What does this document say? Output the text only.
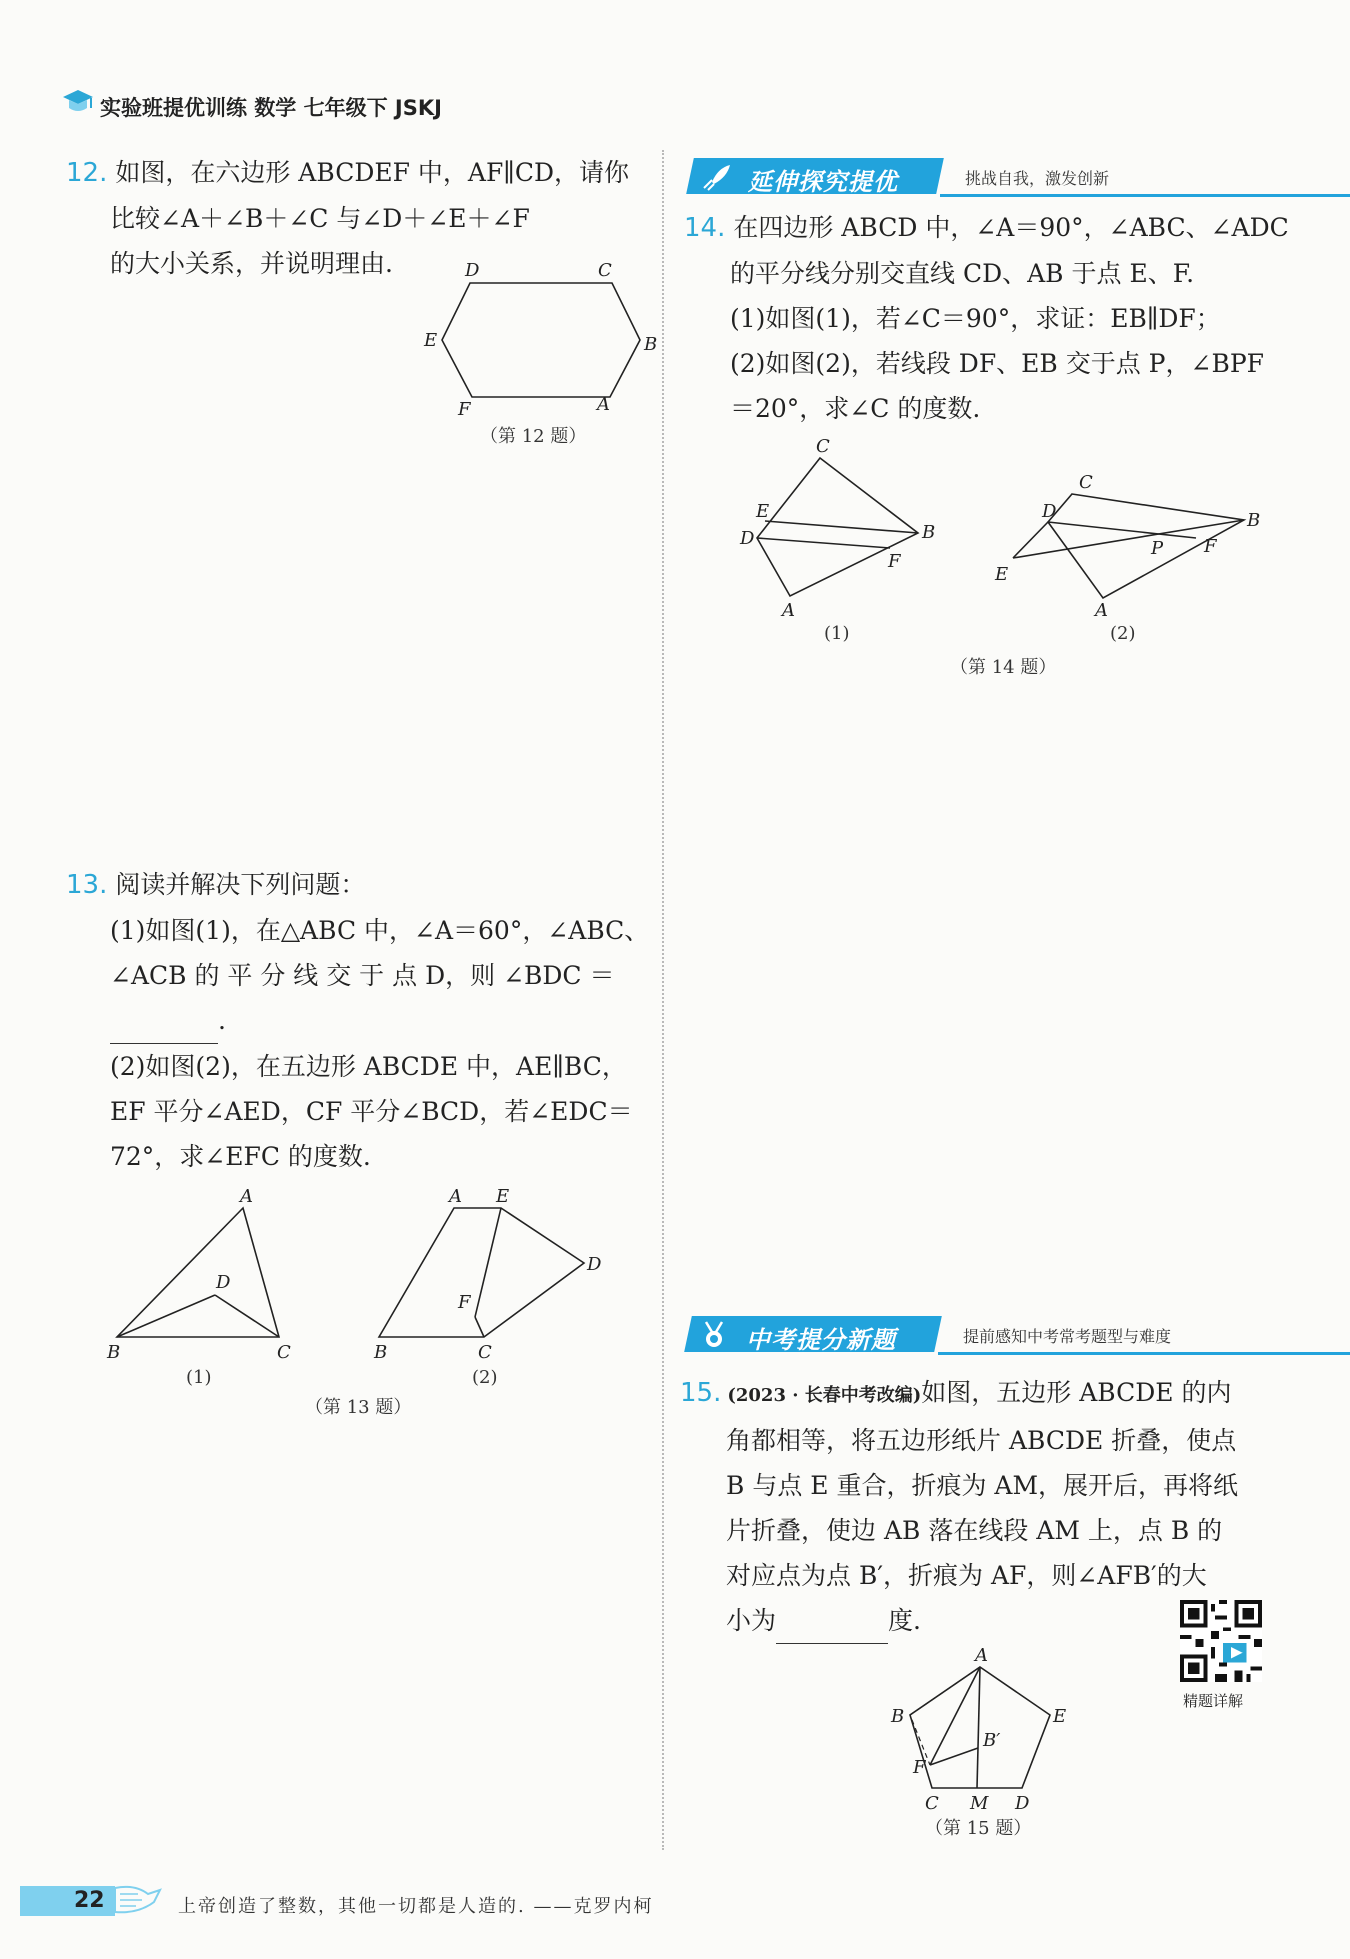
实验班提优训练 数学 七年级下 JSKJ
12. 如图，在六边形 ABCDEF 中，AF∥CD，请你
比较∠A＋∠B＋∠C 与∠D＋∠E＋∠F
的大小关系，并说明理由.	D	C
B
E
F	A
（第 12 题）
13. 阅读并解决下列问题：
(1)如图(1)，在△ABC 中，∠A＝60°，∠ABC、
∠ACB 的 平 分 线 交 于 点 D，则 ∠BDC ＝
.
(2)如图(2)，在五边形 ABCDE 中，AE∥BC，
EF 平分∠AED，CF 平分∠BCD，若∠EDC＝
72°，求∠EFC 的度数.
A
B	C
D
(1)
A E
D
F
B	C
(2)
（第 13 题）
延伸探究提优	挑战自我，激发创新
14. 在四边形 ABCD 中，∠A＝90°，∠ABC、∠ADC
的平分线分别交直线 CD、AB 于点 E、F.
(1)如图(1)，若∠C＝90°，求证：EB∥DF；
(2)如图(2)，若线段 DF、EB 交于点 P，∠BPF
＝20°，求∠C 的度数.
C
B
E
D
F
A
(1)
C
B
D
E
P F
A
(2)
（第 14 题）
中考提分新题	提前感知中考常考题型与难度
15. (2023 · 长春中考改编)如图，五边形 ABCDE 的内
角都相等，将五边形纸片 ABCDE 折叠，使点
B 与点 E 重合，折痕为 AM，展开后，再将纸
片折叠，使边 AB 落在线段 AM 上，点 B 的
对应点为点 B′，折痕为 AF，则∠AFB′的大
小为	度.
精题详解
A
B	E
B′
F
C M D
（第 15 题）
22	上帝创造了整数，其他一切都是人造的. ——克罗内柯
